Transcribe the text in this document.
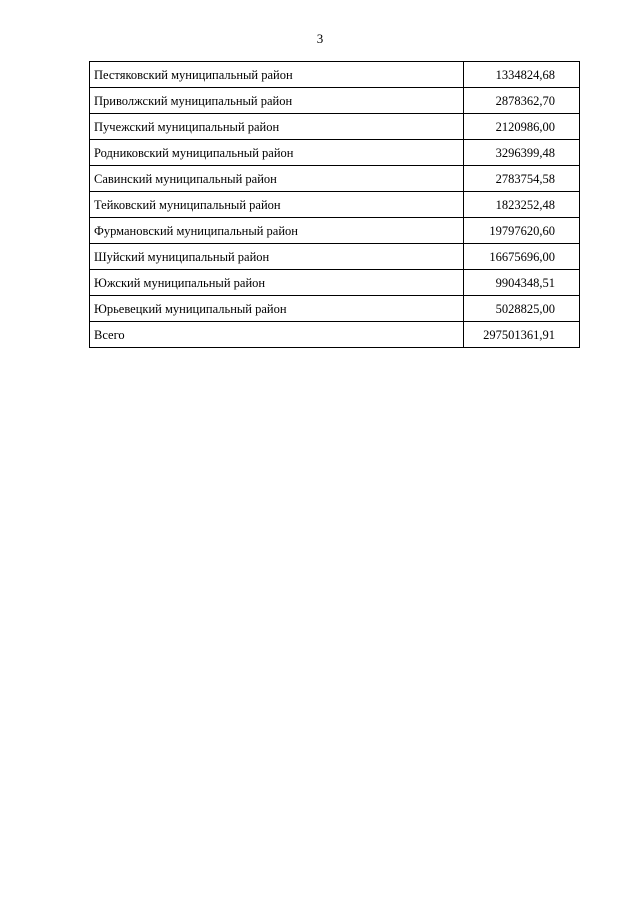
3
Пестяковский муниципальный район	1334824,68
Приволжский муниципальный район	2878362,70
Пучежский муниципальный район	2120986,00
Родниковский муниципальный район	3296399,48
Савинский муниципальный район	2783754,58
Тейковский муниципальный район	1823252,48
Фурмановский муниципальный район	19797620,60
Шуйский муниципальный район	16675696,00
Южский муниципальный район	9904348,51
Юрьевецкий муниципальный район	5028825,00
Всего	297501361,91
